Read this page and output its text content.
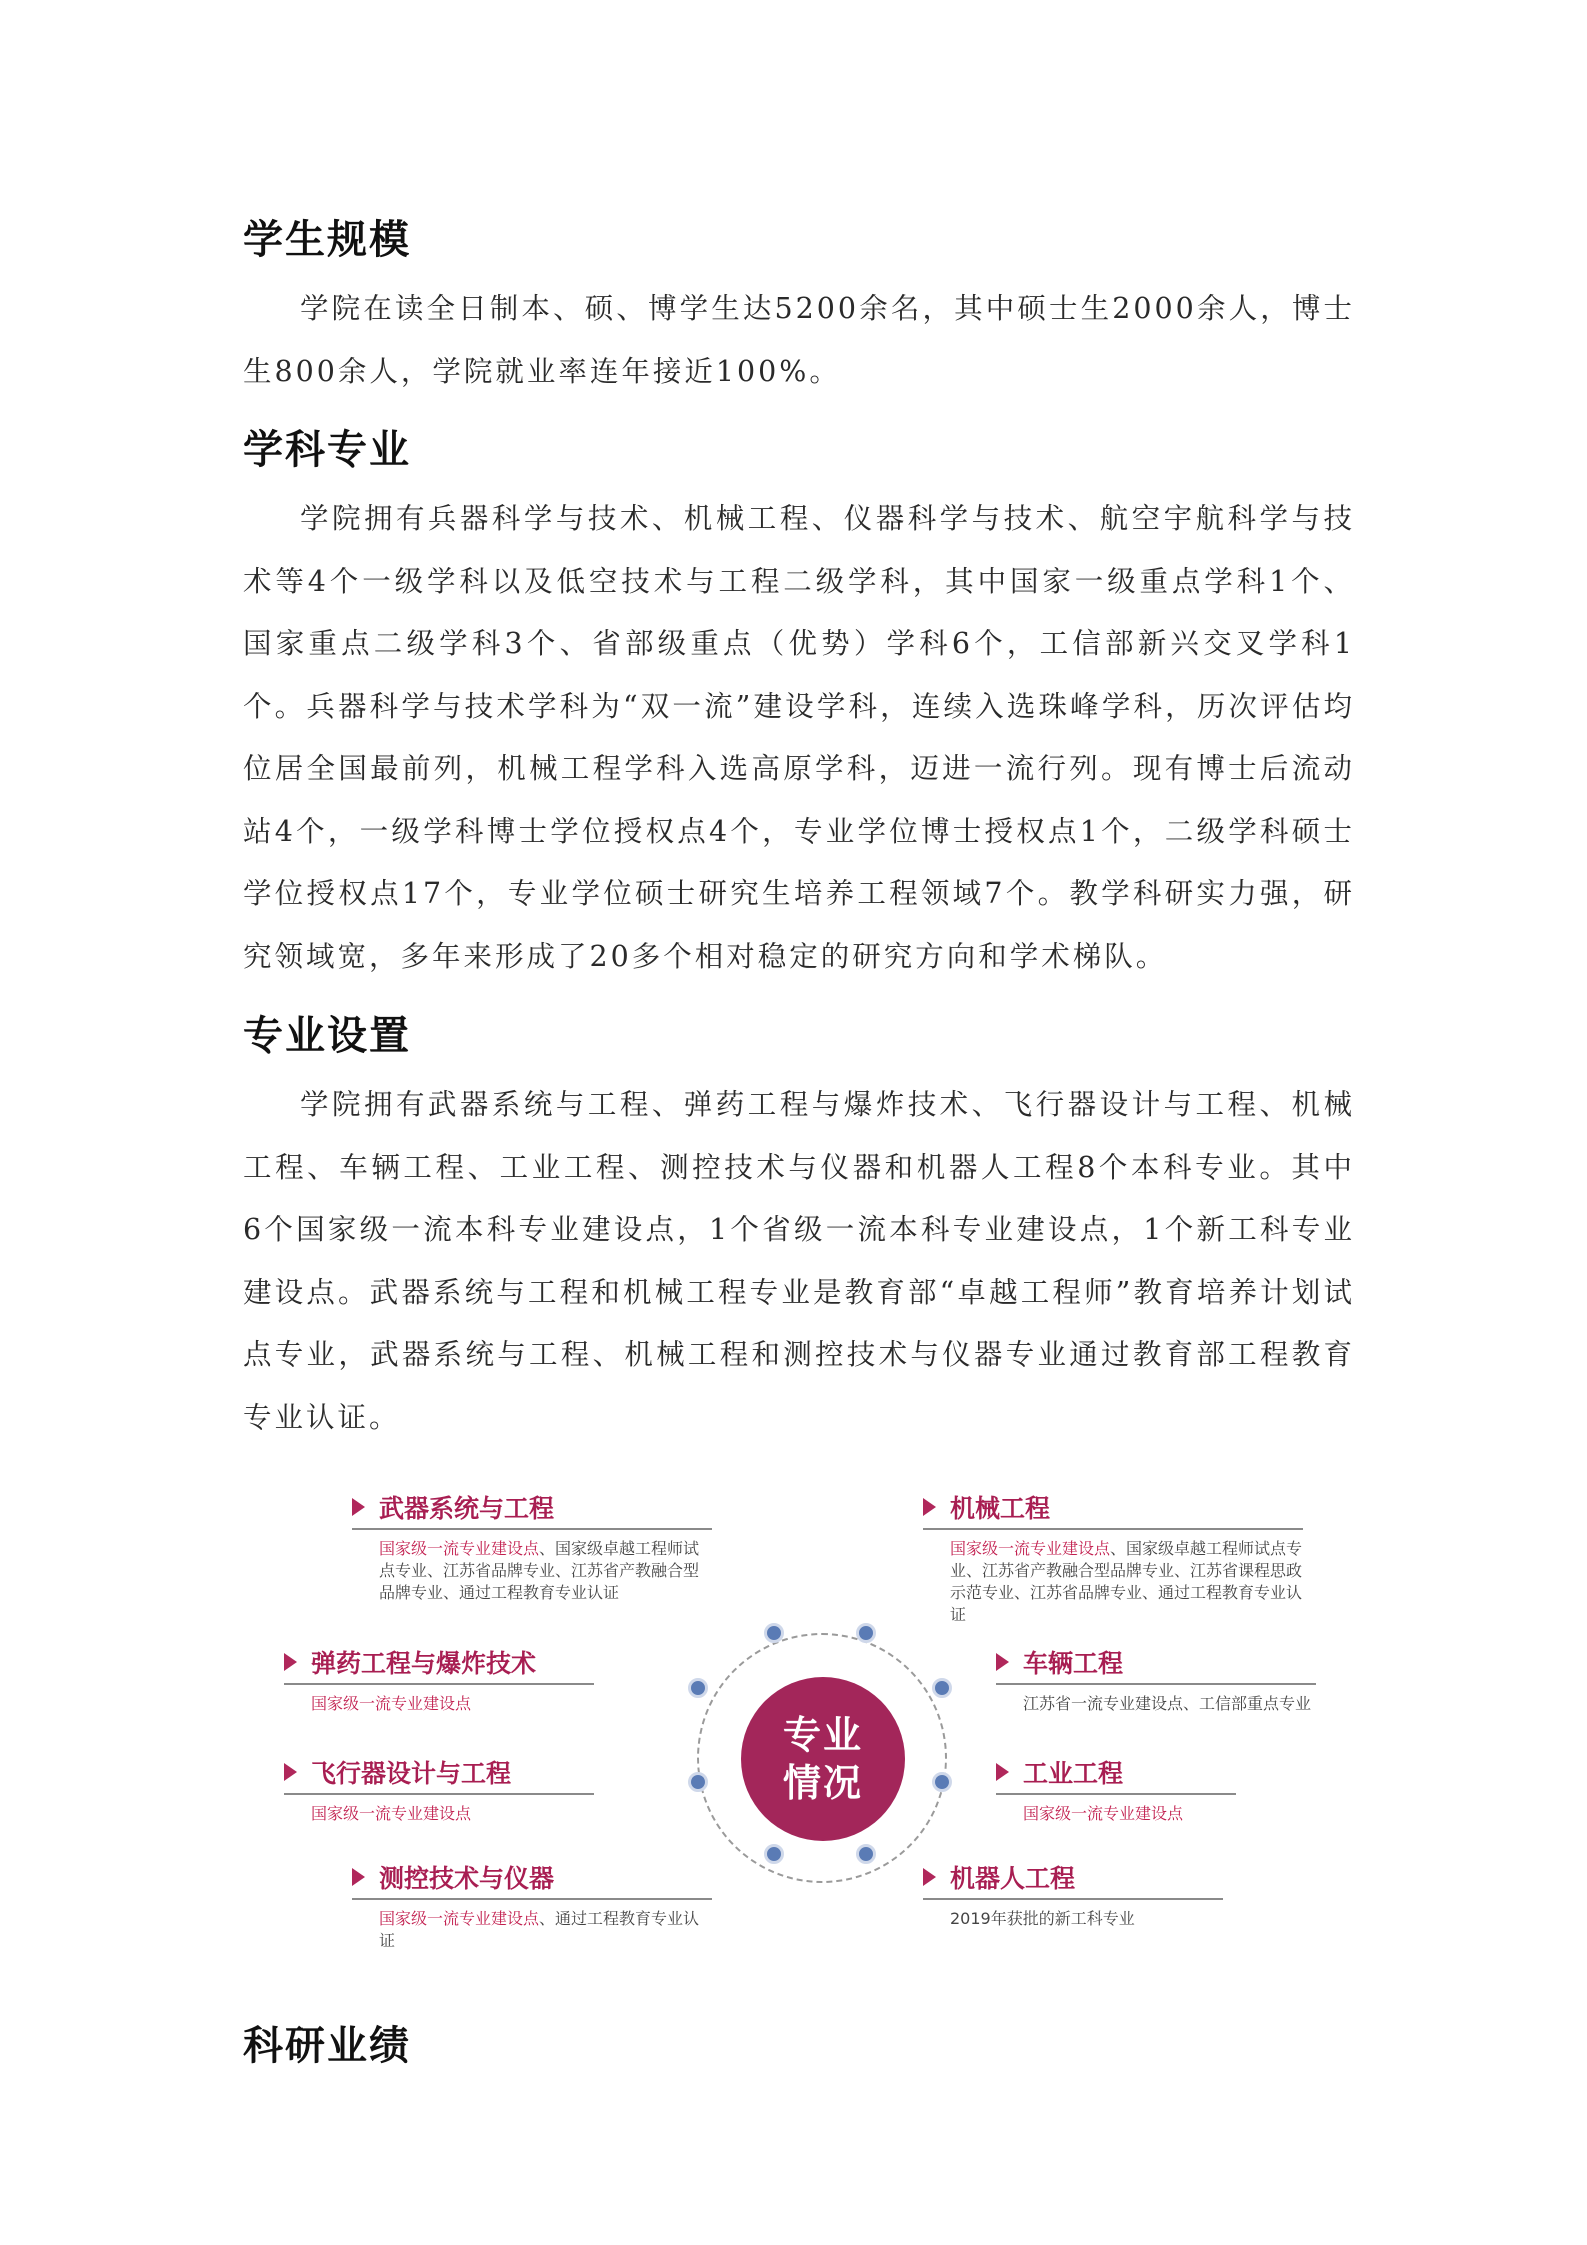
学生规模

学院在读全日制本、硕、博学生达5200余名，其中硕士生2000余人，博士生800余人，学院就业率连年接近100%。

学科专业

学院拥有兵器科学与技术、机械工程、仪器科学与技术、航空宇航科学与技术等4个一级学科以及低空技术与工程二级学科，其中国家一级重点学科1个、国家重点二级学科3个、省部级重点（优势）学科6个，工信部新兴交叉学科1个。兵器科学与技术学科为“双一流”建设学科，连续入选珠峰学科，历次评估均位居全国最前列，机械工程学科入选高原学科，迈进一流行列。现有博士后流动站4个，一级学科博士学位授权点4个，专业学位博士授权点1个，二级学科硕士学位授权点17个，专业学位硕士研究生培养工程领域7个。教学科研实力强，研究领域宽，多年来形成了20多个相对稳定的研究方向和学术梯队。

专业设置

学院拥有武器系统与工程、弹药工程与爆炸技术、飞行器设计与工程、机械工程、车辆工程、工业工程、测控技术与仪器和机器人工程8个本科专业。其中6个国家级一流本科专业建设点，1个省级一流本科专业建设点，1个新工科专业建设点。武器系统与工程和机械工程专业是教育部“卓越工程师”教育培养计划试点专业，武器系统与工程、机械工程和测控技术与仪器专业通过教育部工程教育专业认证。

专业
情况
武器系统与工程
国家级一流专业建设点、国家级卓越工程师试点专业、江苏省品牌专业、江苏省产教融合型品牌专业、通过工程教育专业认证
机械工程
国家级一流专业建设点、国家级卓越工程师试点专业、江苏省产教融合型品牌专业、江苏省课程思政示范专业、江苏省品牌专业、通过工程教育专业认证
弹药工程与爆炸技术
国家级一流专业建设点
车辆工程
江苏省一流专业建设点、工信部重点专业
飞行器设计与工程
国家级一流专业建设点
工业工程
国家级一流专业建设点
测控技术与仪器
国家级一流专业建设点、通过工程教育专业认证
机器人工程
2019年获批的新工科专业
科研业绩
